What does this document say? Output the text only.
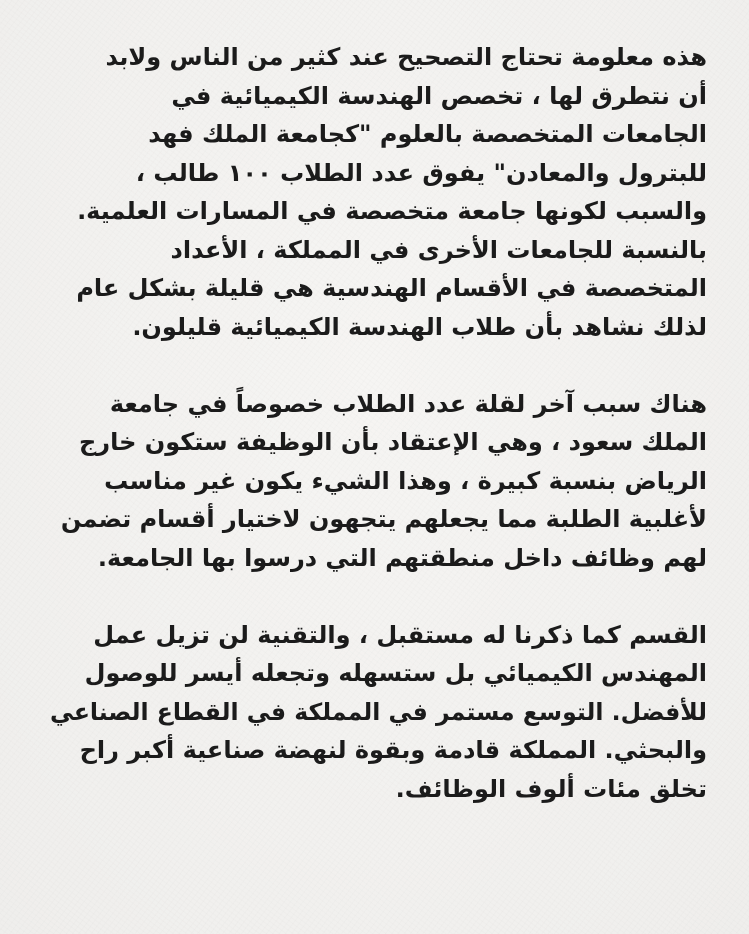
هذه معلومة تحتاج التصحيح عند كثير من الناس ولابد
أن نتطرق لها ، تخصص الهندسة الكيميائية في
الجامعات المتخصصة بالعلوم "كجامعة الملك فهد
للبترول والمعادن" يفوق عدد الطلاب ١٠٠ طالب ،
والسبب لكونها جامعة متخصصة في المسارات العلمية.
بالنسبة للجامعات الأخرى في المملكة ، الأعداد
المتخصصة في الأقسام الهندسية هي قليلة بشكل عام
لذلك نشاهد بأن طلاب الهندسة الكيميائية قليلون.
هناك سبب آخر لقلة عدد الطلاب خصوصاً في جامعة
الملك سعود ، وهي الإعتقاد بأن الوظيفة ستكون خارج
الرياض بنسبة كبيرة ، وهذا الشيء يكون غير مناسب
لأغلبية الطلبة مما يجعلهم يتجهون لاختيار أقسام تضمن
لهم وظائف داخل منطقتهم التي درسوا بها الجامعة.
القسم كما ذكرنا له مستقبل ، والتقنية لن تزيل عمل
المهندس الكيميائي بل ستسهله وتجعله أيسر للوصول
للأفضل. التوسع مستمر في المملكة في القطاع الصناعي
والبحثي. المملكة قادمة وبقوة لنهضة صناعية أكبر راح
تخلق مئات ألوف الوظائف.
